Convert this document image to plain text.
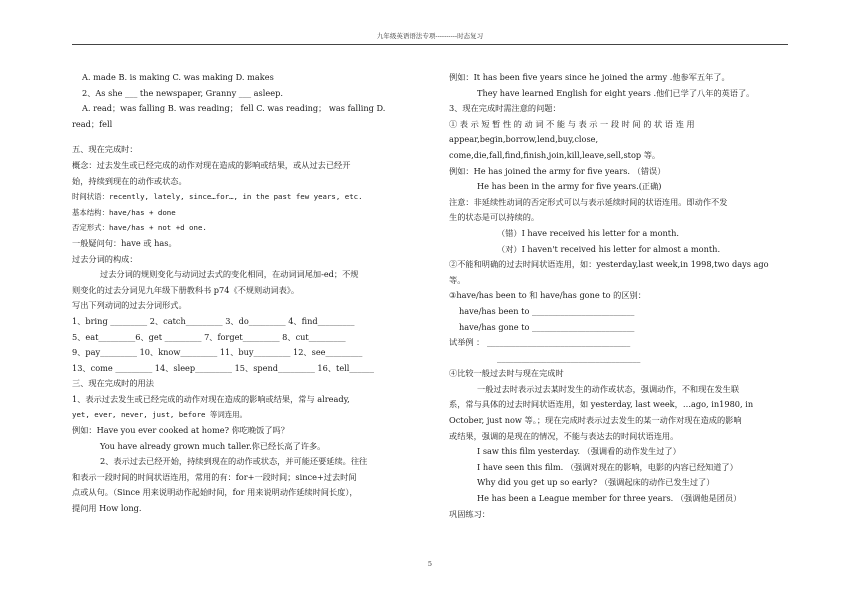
九年级英语语法专项----------时态复习
A. made B. is making C. was making D. makes
2、As she ___ the newspaper, Granny ___ asleep.
A. read；was falling B. was reading； fell C. was reading； was falling D.
read；fell
五、现在完成时：
概念：过去发生或已经完成的动作对现在造成的影响或结果，或从过去已经开
始，持续到现在的动作或状态。
时间状语：recently, lately, since…for…, in the past few years, etc.
基本结构：have/has + done
否定形式：have/has + not +d one.
一般疑问句：have 或 has。
过去分词的构成：
过去分词的规则变化与动词过去式的变化相同，在动词词尾加-ed；不规
则变化的过去分词见九年级下册教科书 p74《不规则动词表》。
写出下列动词的过去分词形式。
1、bring _________ 2、catch_________ 3、do_________ 4、find_________
5、eat_________6、get _________ 7、forget_________ 8、cut_________
9、pay_________ 10、know_________ 11、buy_________ 12、see_________
13、come _________ 14、sleep_________ 15、spend_________ 16、tell______
三、现在完成时的用法
1、表示过去发生或已经完成的动作对现在造成的影响或结果，常与 already,
yet, ever, never, just, before 等词连用。
例如：Have you ever cooked at home? 你吃晚饭了吗？
You have already grown much taller.你已经长高了许多。
2、表示过去已经开始，持续到现在的动作或状态，并可能还要延续。往往
和表示一段时间的时间状语连用，常用的有：for+一段时间；since+过去时间
点或从句。（Since 用来说明动作起始时间，for 用来说明动作延续时间长度），
提问用 How long.
例如：It has been five years since he joined the army .他参军五年了。
They have learned English for eight years .他们已学了八年的英语了。
3、现在完成时需注意的问题：
① 表 示 短 暂 性 的 动 词 不 能 与 表 示 一 段 时 间 的 状 语 连 用
appear,begin,borrow,lend,buy,close,
come,die,fall,find,finish,join,kill,leave,sell,stop 等。
例如：He has joined the army for five years. （错误）
He has been in the army for five years.(正确)
注意：非延续性动词的否定形式可以与表示延续时间的状语连用。即动作不发
生的状态是可以持续的。
（错）I have received his letter for a month.
（对）I haven't received his letter for almost a month.
②不能和明确的过去时间状语连用，如：yesterday,last week,in 1998,two days ago
等。
③have/has been to 和 have/has gone to 的区别：
have/has been to _________________________
have/has gone to _________________________
试举例 ： ___________________________________
___________________________________
④比较一般过去时与现在完成时
一般过去时表示过去某时发生的动作或状态，强调动作，不和现在发生联
系，常与具体的过去时间状语连用，如 yesterday, last week，…ago, in1980, in
October, just now 等。；现在完成时表示过去发生的某一动作对现在造成的影响
或结果，强调的是现在的情况，不能与表达去的时间状语连用。
I saw this film yesterday. （强调看的动作发生过了）
I have seen this film. （强调对现在的影响，电影的内容已经知道了）
Why did you get up so early? （强调起床的动作已发生过了）
He has been a League member for three years. （强调他是团员）
巩固练习：
5
